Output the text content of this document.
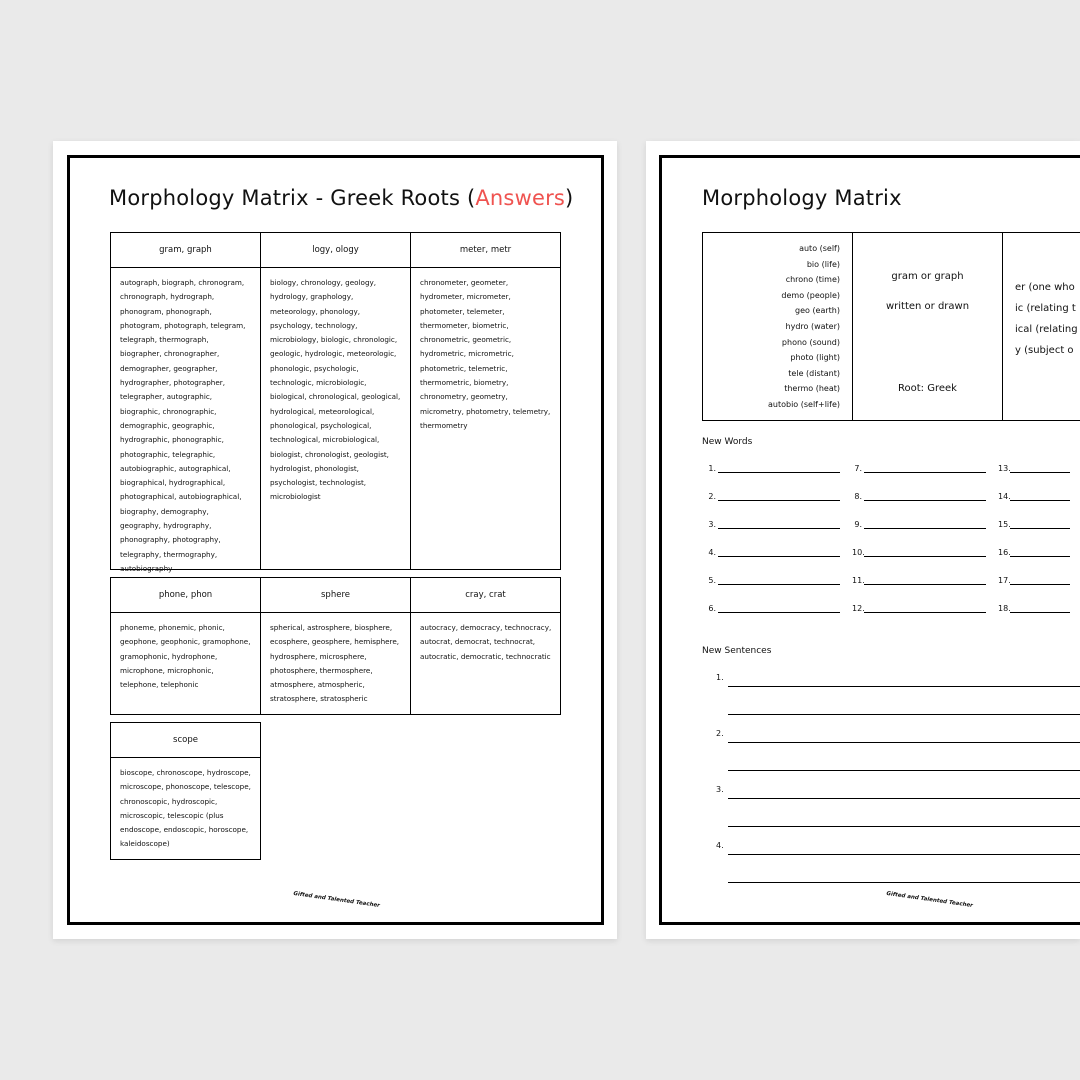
Morphology Matrix - Greek Roots (Answers)
gram, graph
autograph, biograph, chronogram, chronograph, hydrograph, phonogram, phonograph, photogram, photograph, telegram, telegraph, thermograph, biographer, chronographer, demographer, geographer, hydrographer, photographer, telegrapher, autographic, biographic, chronographic, demographic, geographic, hydrographic, phonographic, photographic, telegraphic, autobiographic, autographical, biographical, hydrographical, photographical, autobiographical, biography, demography, geography, hydrography, phonography, photography, telegraphy, thermography, autobiography
logy, ology
biology, chronology, geology, hydrology, graphology, meteorology, phonology, psychology, technology, microbiology, biologic, chronologic, geologic, hydrologic, meteorologic, phonologic, psychologic, technologic, microbiologic, biological, chronological, geological, hydrological, meteorological, phonological, psychological, technological, microbiological, biologist, chronologist, geologist, hydrologist, phonologist, psychologist, technologist, microbiologist
meter, metr
chronometer, geometer, hydrometer, micrometer, photometer, telemeter, thermometer, biometric, chronometric, geometric, hydrometric, micrometric, photometric, telemetric, thermometric, biometry, chronometry, geometry, micrometry, photometry, telemetry, thermometry
phone, phon
phoneme, phonemic, phonic, geophone, geophonic, gramophone, gramophonic, hydrophone, microphone, microphonic, telephone, telephonic
sphere
spherical, astrosphere, biosphere, ecosphere, geosphere, hemisphere, hydrosphere, microsphere, photosphere, thermosphere, atmosphere, atmospheric, stratosphere, stratospheric
cray, crat
autocracy, democracy, technocracy, autocrat, democrat, technocrat, autocratic, democratic, technocratic
scope
bioscope, chronoscope, hydroscope, microscope, phonoscope, telescope, chronoscopic, hydroscopic, microscopic, telescopic (plus endoscope, endoscopic, horoscope, kaleidoscope)
Gifted and Talented Teacher
Morphology Matrix
auto (self)
bio (life)
chrono (time)
demo (people)
geo (earth)
hydro (water)
phono (sound)
photo (light)
tele (distant)
thermo (heat)
autobio (self+life)
gram or graph
written or drawn
Root: Greek
er (one who
ic (relating t
ical (relating
y (subject o
New Words
1.
2.
3.
4.
5.
6.
7.
8.
9.
10.
11.
12.
13.
14.
15.
16.
17.
18.
New Sentences
1.
2.
3.
4.
Gifted and Talented Teacher
